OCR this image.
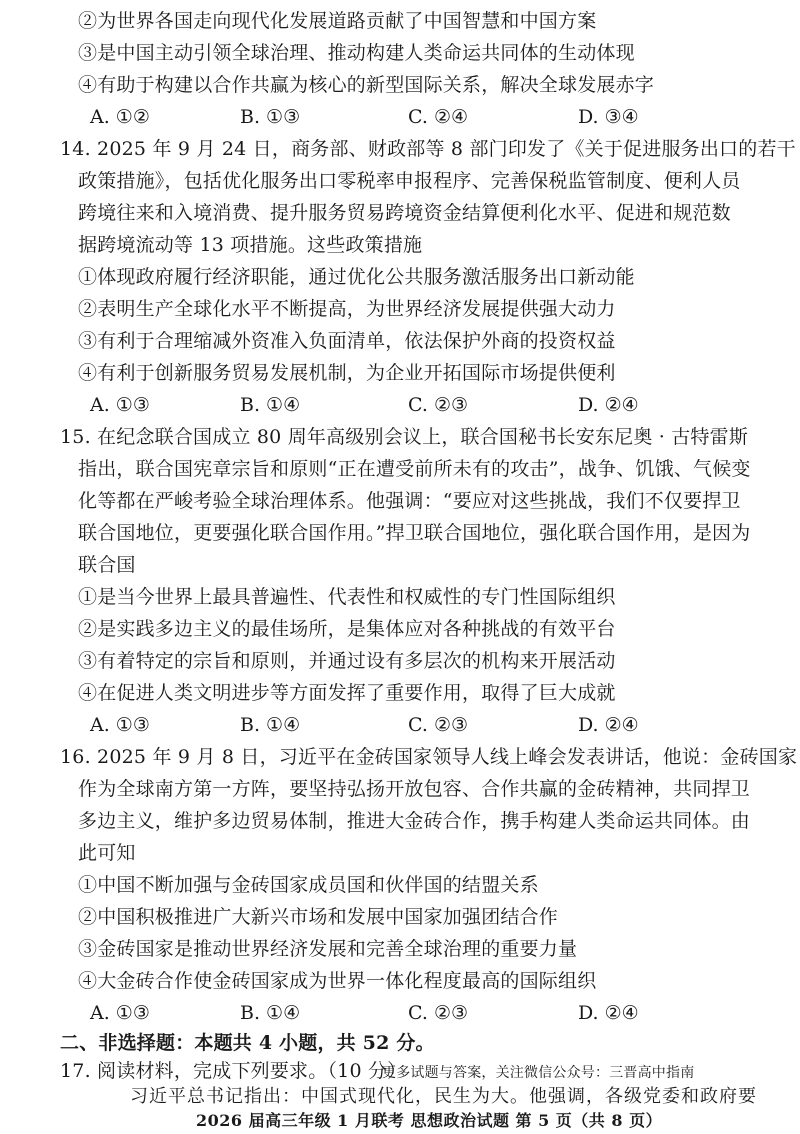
②为世界各国走向现代化发展道路贡献了中国智慧和中国方案
③是中国主动引领全球治理、推动构建人类命运共同体的生动体现
④有助于构建以合作共赢为核心的新型国际关系，解决全球发展赤字
A. ①②	B. ①③	C. ②④	D. ③④
14. 2025 年 9 月 24 日，商务部、财政部等 8 部门印发了《关于促进服务出口的若干
政策措施》，包括优化服务出口零税率申报程序、完善保税监管制度、便利人员
跨境往来和入境消费、提升服务贸易跨境资金结算便利化水平、促进和规范数
据跨境流动等 13 项措施。这些政策措施
①体现政府履行经济职能，通过优化公共服务激活服务出口新动能
②表明生产全球化水平不断提高，为世界经济发展提供强大动力
③有利于合理缩减外资准入负面清单，依法保护外商的投资权益
④有利于创新服务贸易发展机制，为企业开拓国际市场提供便利
A. ①③	B. ①④	C. ②③	D. ②④
15. 在纪念联合国成立 80 周年高级别会议上，联合国秘书长安东尼奥 · 古特雷斯
指出，联合国宪章宗旨和原则“正在遭受前所未有的攻击”，战争、饥饿、气候变
化等都在严峻考验全球治理体系。他强调：“要应对这些挑战，我们不仅要捍卫
联合国地位，更要强化联合国作用。”捍卫联合国地位，强化联合国作用，是因为
联合国
①是当今世界上最具普遍性、代表性和权威性的专门性国际组织
②是实践多边主义的最佳场所，是集体应对各种挑战的有效平台
③有着特定的宗旨和原则，并通过设有多层次的机构来开展活动
④在促进人类文明进步等方面发挥了重要作用，取得了巨大成就
A. ①③	B. ①④	C. ②③	D. ②④
16. 2025 年 9 月 8 日，习近平在金砖国家领导人线上峰会发表讲话，他说：金砖国家
作为全球南方第一方阵，要坚持弘扬开放包容、合作共赢的金砖精神，共同捍卫
多边主义，维护多边贸易体制，推进大金砖合作，携手构建人类命运共同体。由
此可知
①中国不断加强与金砖国家成员国和伙伴国的结盟关系
②中国积极推进广大新兴市场和发展中国家加强团结合作
③金砖国家是推动世界经济发展和完善全球治理的重要力量
④大金砖合作使金砖国家成为世界一体化程度最高的国际组织
A. ①③	B. ①④	C. ②③	D. ②④
二、非选择题：本题共 4 小题，共 52 分。
17. 阅读材料，完成下列要求。（10 分）
更多试题与答案，关注微信公众号：三晋高中指南
习近平总书记指出：中国式现代化，民生为大。他强调，各级党委和政府要
2026 届高三年级 1 月联考 思想政治试题 第 5 页（共 8 页）
